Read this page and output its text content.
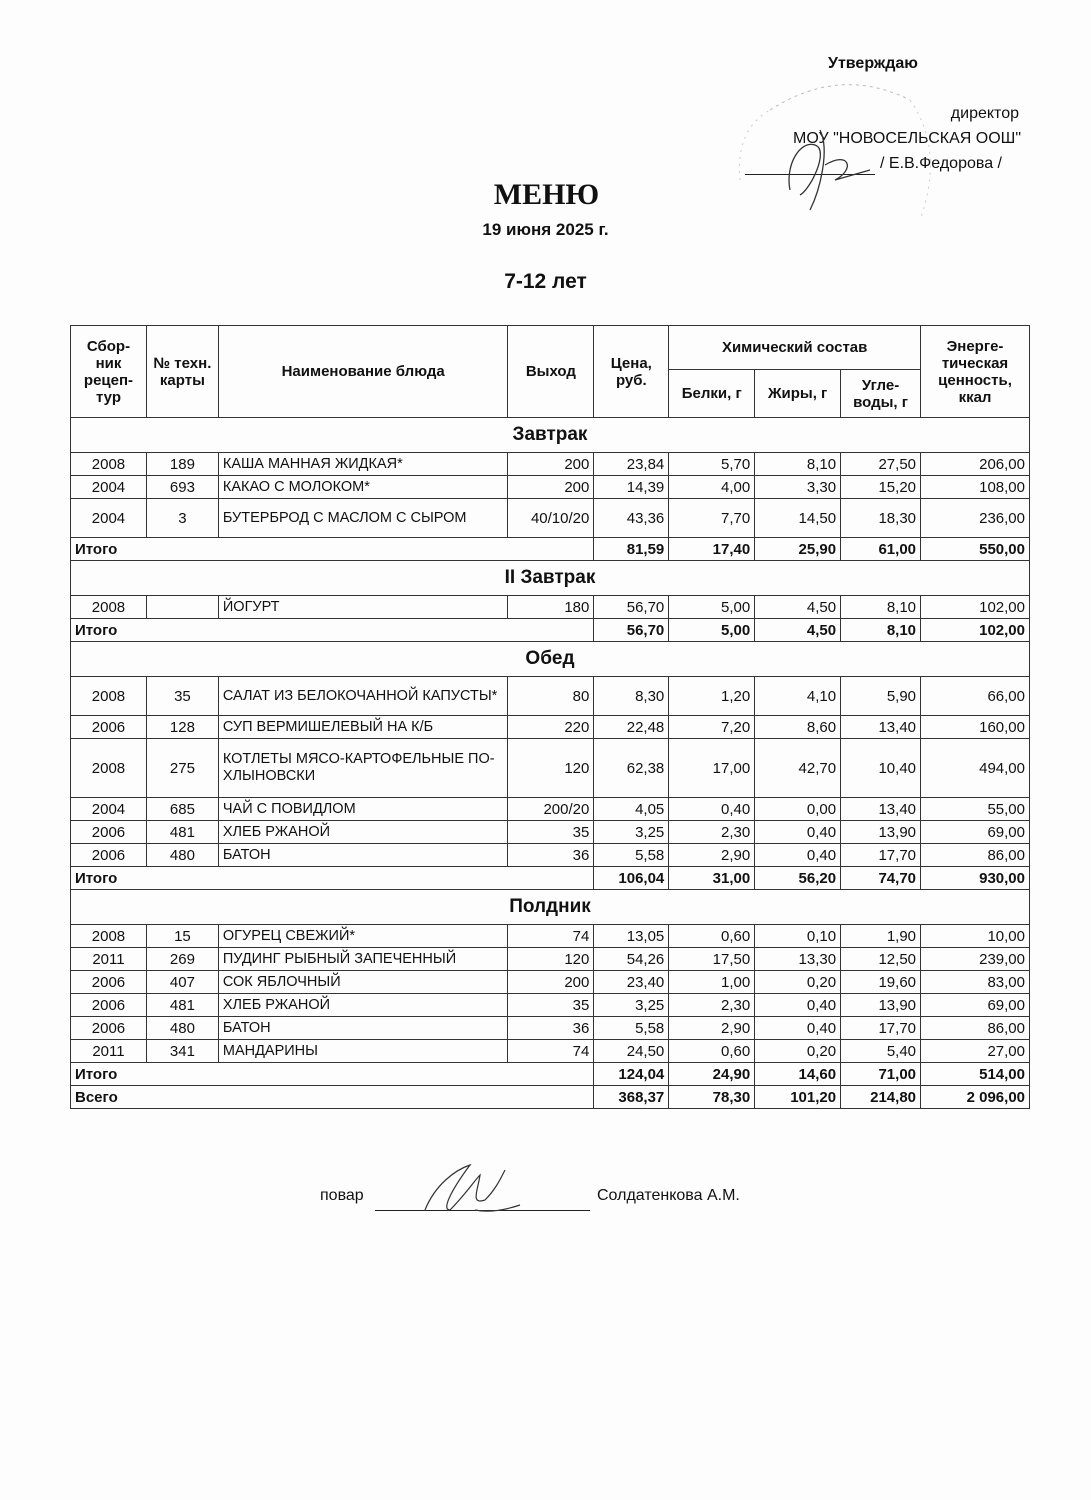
Утверждаю
директор
МОУ "НОВОСЕЛЬСКАЯ ООШ"
/ Е.В.Федорова /
МЕНЮ
19 июня 2025 г.
7-12 лет
Сбор- ник рецеп- тур	№ техн. карты	Наименование блюда	Выход	Цена, руб.	Химический состав			Энерге- тическая ценность, ккал
					Белки, г	Жиры, г	Угле- воды, г	
Завтрак								
2008	189	КАША МАННАЯ ЖИДКАЯ*	200	23,84	5,70	8,10	27,50	206,00
2004	693	КАКАО С МОЛОКОМ*	200	14,39	4,00	3,30	15,20	108,00
2004	3	БУТЕРБРОД С МАСЛОМ С СЫРОМ	40/10/20	43,36	7,70	14,50	18,30	236,00
Итого				81,59	17,40	25,90	61,00	550,00
II Завтрак								
2008		ЙОГУРТ	180	56,70	5,00	4,50	8,10	102,00
Итого				56,70	5,00	4,50	8,10	102,00
Обед								
2008	35	САЛАТ ИЗ БЕЛОКОЧАННОЙ КАПУСТЫ*	80	8,30	1,20	4,10	5,90	66,00
2006	128	СУП ВЕРМИШЕЛЕВЫЙ НА К/Б	220	22,48	7,20	8,60	13,40	160,00
2008	275	КОТЛЕТЫ МЯСО-КАРТОФЕЛЬНЫЕ ПО-ХЛЫНОВСКИ	120	62,38	17,00	42,70	10,40	494,00
2004	685	ЧАЙ С ПОВИДЛОМ	200/20	4,05	0,40	0,00	13,40	55,00
2006	481	ХЛЕБ РЖАНОЙ	35	3,25	2,30	0,40	13,90	69,00
2006	480	БАТОН	36	5,58	2,90	0,40	17,70	86,00
Итого				106,04	31,00	56,20	74,70	930,00
Полдник								
2008	15	ОГУРЕЦ СВЕЖИЙ*	74	13,05	0,60	0,10	1,90	10,00
2011	269	ПУДИНГ РЫБНЫЙ ЗАПЕЧЕННЫЙ	120	54,26	17,50	13,30	12,50	239,00
2006	407	СОК ЯБЛОЧНЫЙ	200	23,40	1,00	0,20	19,60	83,00
2006	481	ХЛЕБ РЖАНОЙ	35	3,25	2,30	0,40	13,90	69,00
2006	480	БАТОН	36	5,58	2,90	0,40	17,70	86,00
2011	341	МАНДАРИНЫ	74	24,50	0,60	0,20	5,40	27,00
Итого				124,04	24,90	14,60	71,00	514,00
Всего				368,37	78,30	101,20	214,80	2 096,00
повар	Солдатенкова А.М.
